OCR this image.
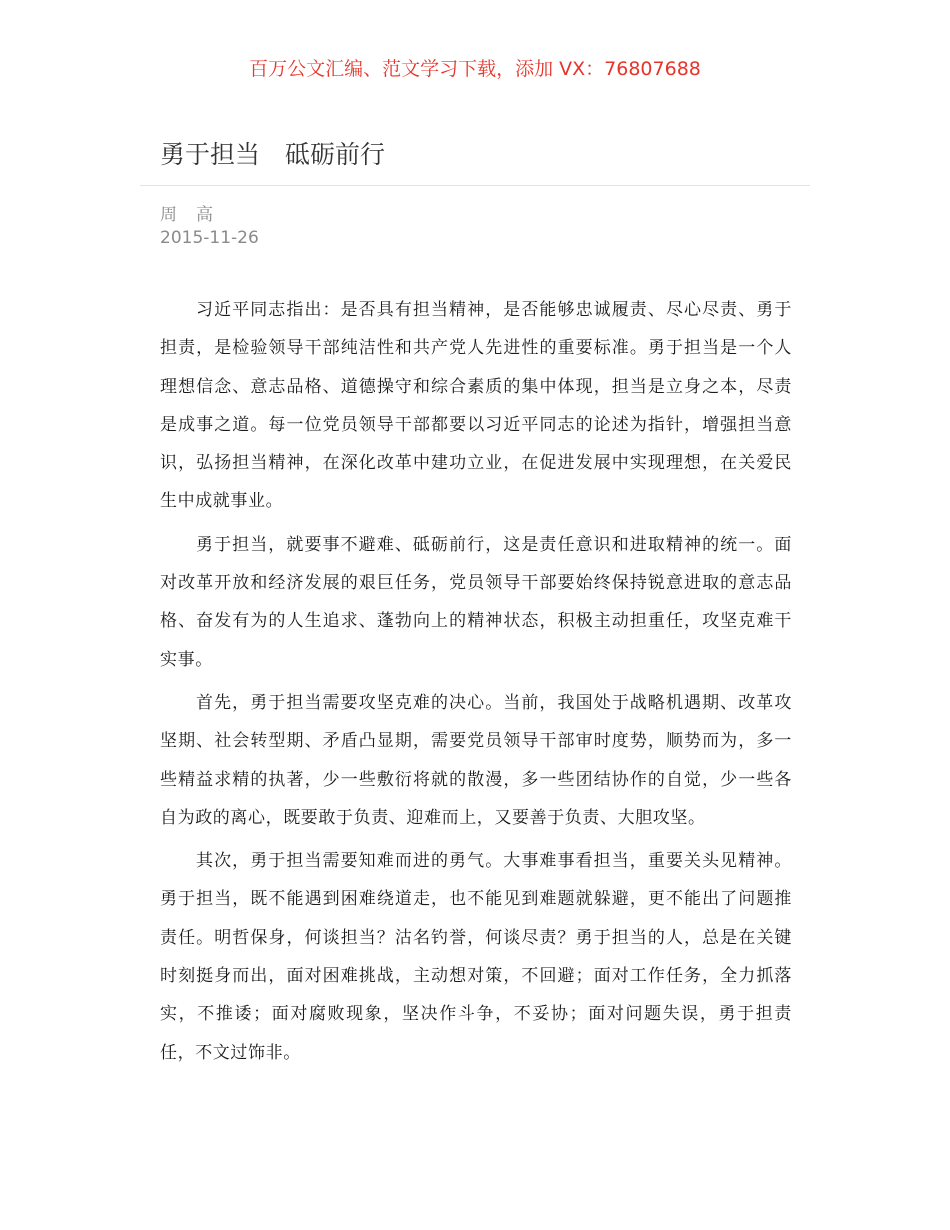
百万公文汇编、范文学习下载，添加 VX：76807688
勇于担当　砥砺前行
周　高
2015-11-26

习近平同志指出：是否具有担当精神，是否能够忠诚履责、尽心尽责、勇于担责，是检验领导干部纯洁性和共产党人先进性的重要标准。勇于担当是一个人理想信念、意志品格、道德操守和综合素质的集中体现，担当是立身之本，尽责是成事之道。每一位党员领导干部都要以习近平同志的论述为指针，增强担当意识，弘扬担当精神，在深化改革中建功立业，在促进发展中实现理想，在关爱民生中成就事业。

勇于担当，就要事不避难、砥砺前行，这是责任意识和进取精神的统一。面对改革开放和经济发展的艰巨任务，党员领导干部要始终保持锐意进取的意志品格、奋发有为的人生追求、蓬勃向上的精神状态，积极主动担重任，攻坚克难干实事。

首先，勇于担当需要攻坚克难的决心。当前，我国处于战略机遇期、改革攻坚期、社会转型期、矛盾凸显期，需要党员领导干部审时度势，顺势而为，多一些精益求精的执著，少一些敷衍将就的散漫，多一些团结协作的自觉，少一些各自为政的离心，既要敢于负责、迎难而上，又要善于负责、大胆攻坚。

其次，勇于担当需要知难而进的勇气。大事难事看担当，重要关头见精神。勇于担当，既不能遇到困难绕道走，也不能见到难题就躲避，更不能出了问题推责任。明哲保身，何谈担当？沽名钓誉，何谈尽责？勇于担当的人，总是在关键时刻挺身而出，面对困难挑战，主动想对策，不回避；面对工作任务，全力抓落实，不推诿；面对腐败现象，坚决作斗争，不妥协；面对问题失误，勇于担责任，不文过饰非。
